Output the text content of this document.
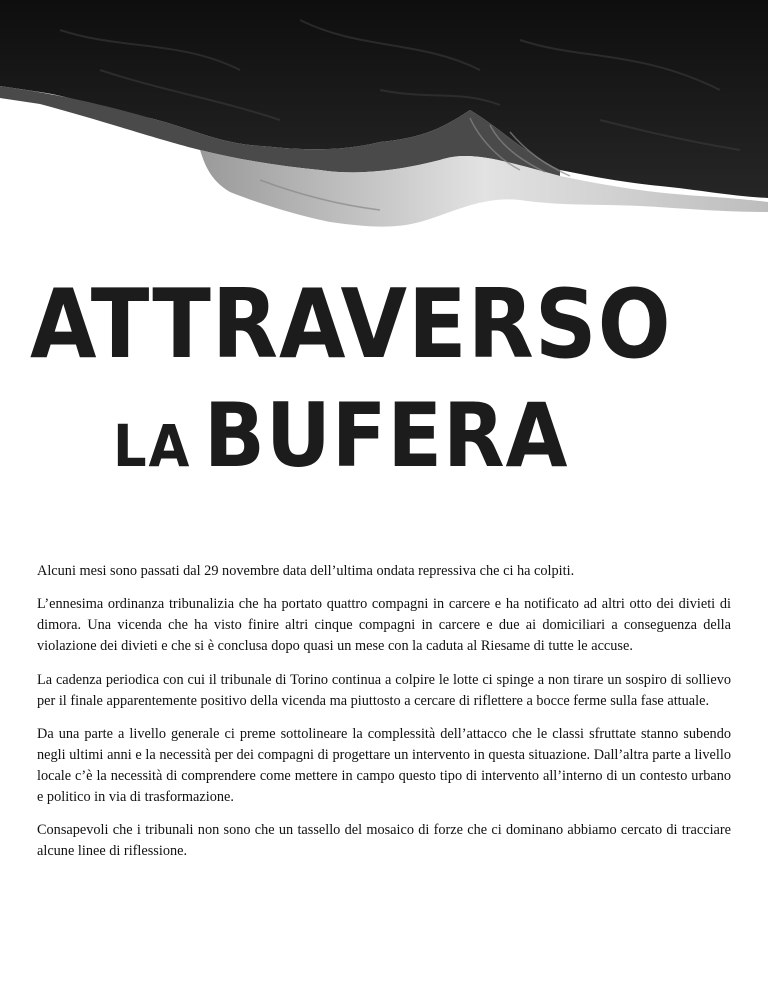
ATTRAVERSO
LA BUFERA

Alcuni mesi sono passati dal 29 novembre data dell’ultima ondata repressiva che ci ha colpiti.

L’ennesima ordinanza tribunalizia che ha portato quattro compagni in carcere e ha notificato ad altri otto dei divieti di dimora. Una vicenda che ha visto finire altri cinque compagni in carcere e due ai domiciliari a conseguenza della violazione dei divieti e che si è conclusa dopo quasi un mese con la caduta al Riesame di tutte le accuse.

La cadenza periodica con cui il tribunale di Torino continua a colpire le lotte ci spinge a non tirare un sospiro di sollievo per il finale apparentemente positivo della vicenda ma piuttosto a cercare di riflettere a bocce ferme sulla fase attuale.

Da una parte a livello generale ci preme sottolineare la complessità dell’attacco che le classi sfruttate stanno subendo negli ultimi anni e la necessità per dei compagni di progettare un intervento in questa situazione. Dall’altra parte a livello locale c’è la necessità di comprendere come mettere in campo questo tipo di intervento all’interno di un contesto urbano e politico in via di trasformazione.

Consapevoli che i tribunali non sono che un tassello del mosaico di forze che ci dominano abbiamo cercato di tracciare alcune linee di riflessione.
